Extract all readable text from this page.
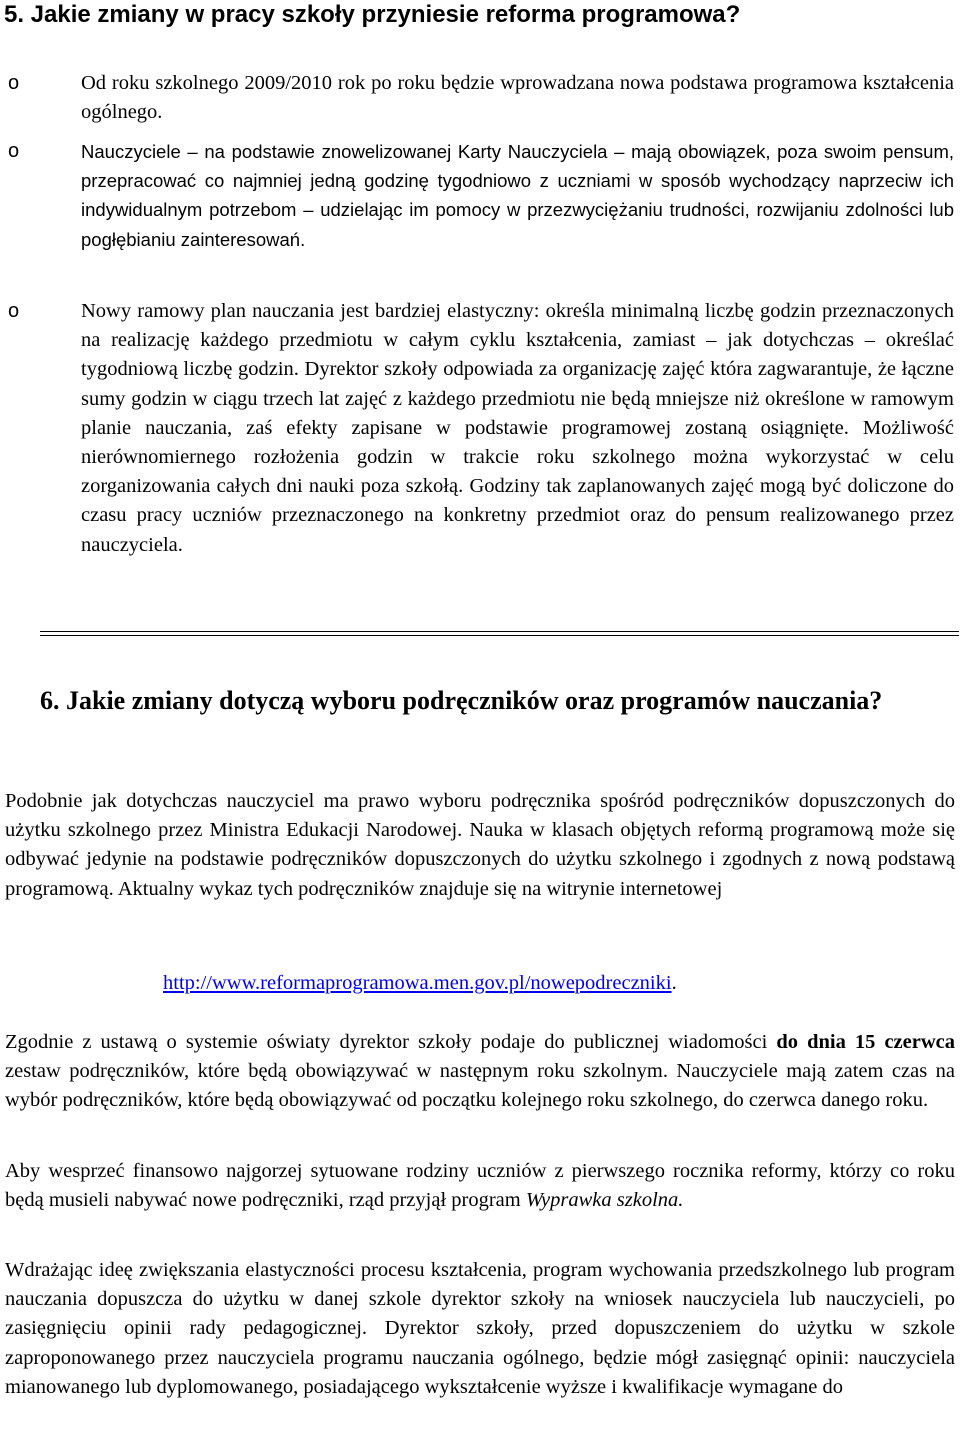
5. Jakie zmiany w pracy szkoły przyniesie reforma programowa?
o	Od roku szkolnego 2009/2010 rok po roku będzie wprowadzana nowa podstawa programowa kształcenia ogólnego.
o	Nauczyciele – na podstawie znowelizowanej Karty Nauczyciela – mają obowiązek, poza swoim pensum, przepracować co najmniej jedną godzinę tygodniowo z uczniami w sposób wychodzący naprzeciw ich indywidualnym potrzebom – udzielając im pomocy w przezwyciężaniu trudności, rozwijaniu zdolności lub pogłębianiu zainteresowań.
o	Nowy ramowy plan nauczania jest bardziej elastyczny: określa minimalną liczbę godzin przeznaczonych na realizację każdego przedmiotu w całym cyklu kształcenia, zamiast – jak dotychczas – określać tygodniową liczbę godzin. Dyrektor szkoły odpowiada za organizację zajęć która zagwarantuje, że łączne sumy godzin w ciągu trzech lat zajęć z każdego przedmiotu nie będą mniejsze niż określone w ramowym planie nauczania, zaś efekty zapisane w podstawie programowej zostaną osiągnięte. Możliwość nierównomiernego rozłożenia godzin w trakcie roku szkolnego można wykorzystać w celu zorganizowania całych dni nauki poza szkołą. Godziny tak zaplanowanych zajęć mogą być doliczone do czasu pracy uczniów przeznaczonego na konkretny przedmiot oraz do pensum realizowanego przez nauczyciela.
6. Jakie zmiany dotyczą wyboru podręczników oraz programów nauczania?

Podobnie jak dotychczas nauczyciel ma prawo wyboru podręcznika spośród podręczników dopuszczonych do użytku szkolnego przez Ministra Edukacji Narodowej. Nauka w klasach objętych reformą programową może się odbywać jedynie na podstawie podręczników dopuszczonych do użytku szkolnego i zgodnych z nową podstawą programową. Aktualny wykaz tych podręczników znajduje się na witrynie internetowej

http://www.reformaprogramowa.men.gov.pl/nowepodreczniki.

Zgodnie z ustawą o systemie oświaty dyrektor szkoły podaje do publicznej wiadomości do dnia 15 czerwca zestaw podręczników, które będą obowiązywać w następnym roku szkolnym. Nauczyciele mają zatem czas na wybór podręczników, które będą obowiązywać od początku kolejnego roku szkolnego, do czerwca danego roku.

Aby wesprzeć finansowo najgorzej sytuowane rodziny uczniów z pierwszego rocznika reformy, którzy co roku będą musieli nabywać nowe podręczniki, rząd przyjął program Wyprawka szkolna.

Wdrażając ideę zwiększania elastyczności procesu kształcenia, program wychowania przedszkolnego lub program nauczania dopuszcza do użytku w danej szkole dyrektor szkoły na wniosek nauczyciela lub nauczycieli, po zasięgnięciu opinii rady pedagogicznej. Dyrektor szkoły, przed dopuszczeniem do użytku w szkole zaproponowanego przez nauczyciela programu nauczania ogólnego, będzie mógł zasięgnąć opinii: nauczyciela mianowanego lub dyplomowanego, posiadającego wykształcenie wyższe i kwalifikacje wymagane do
